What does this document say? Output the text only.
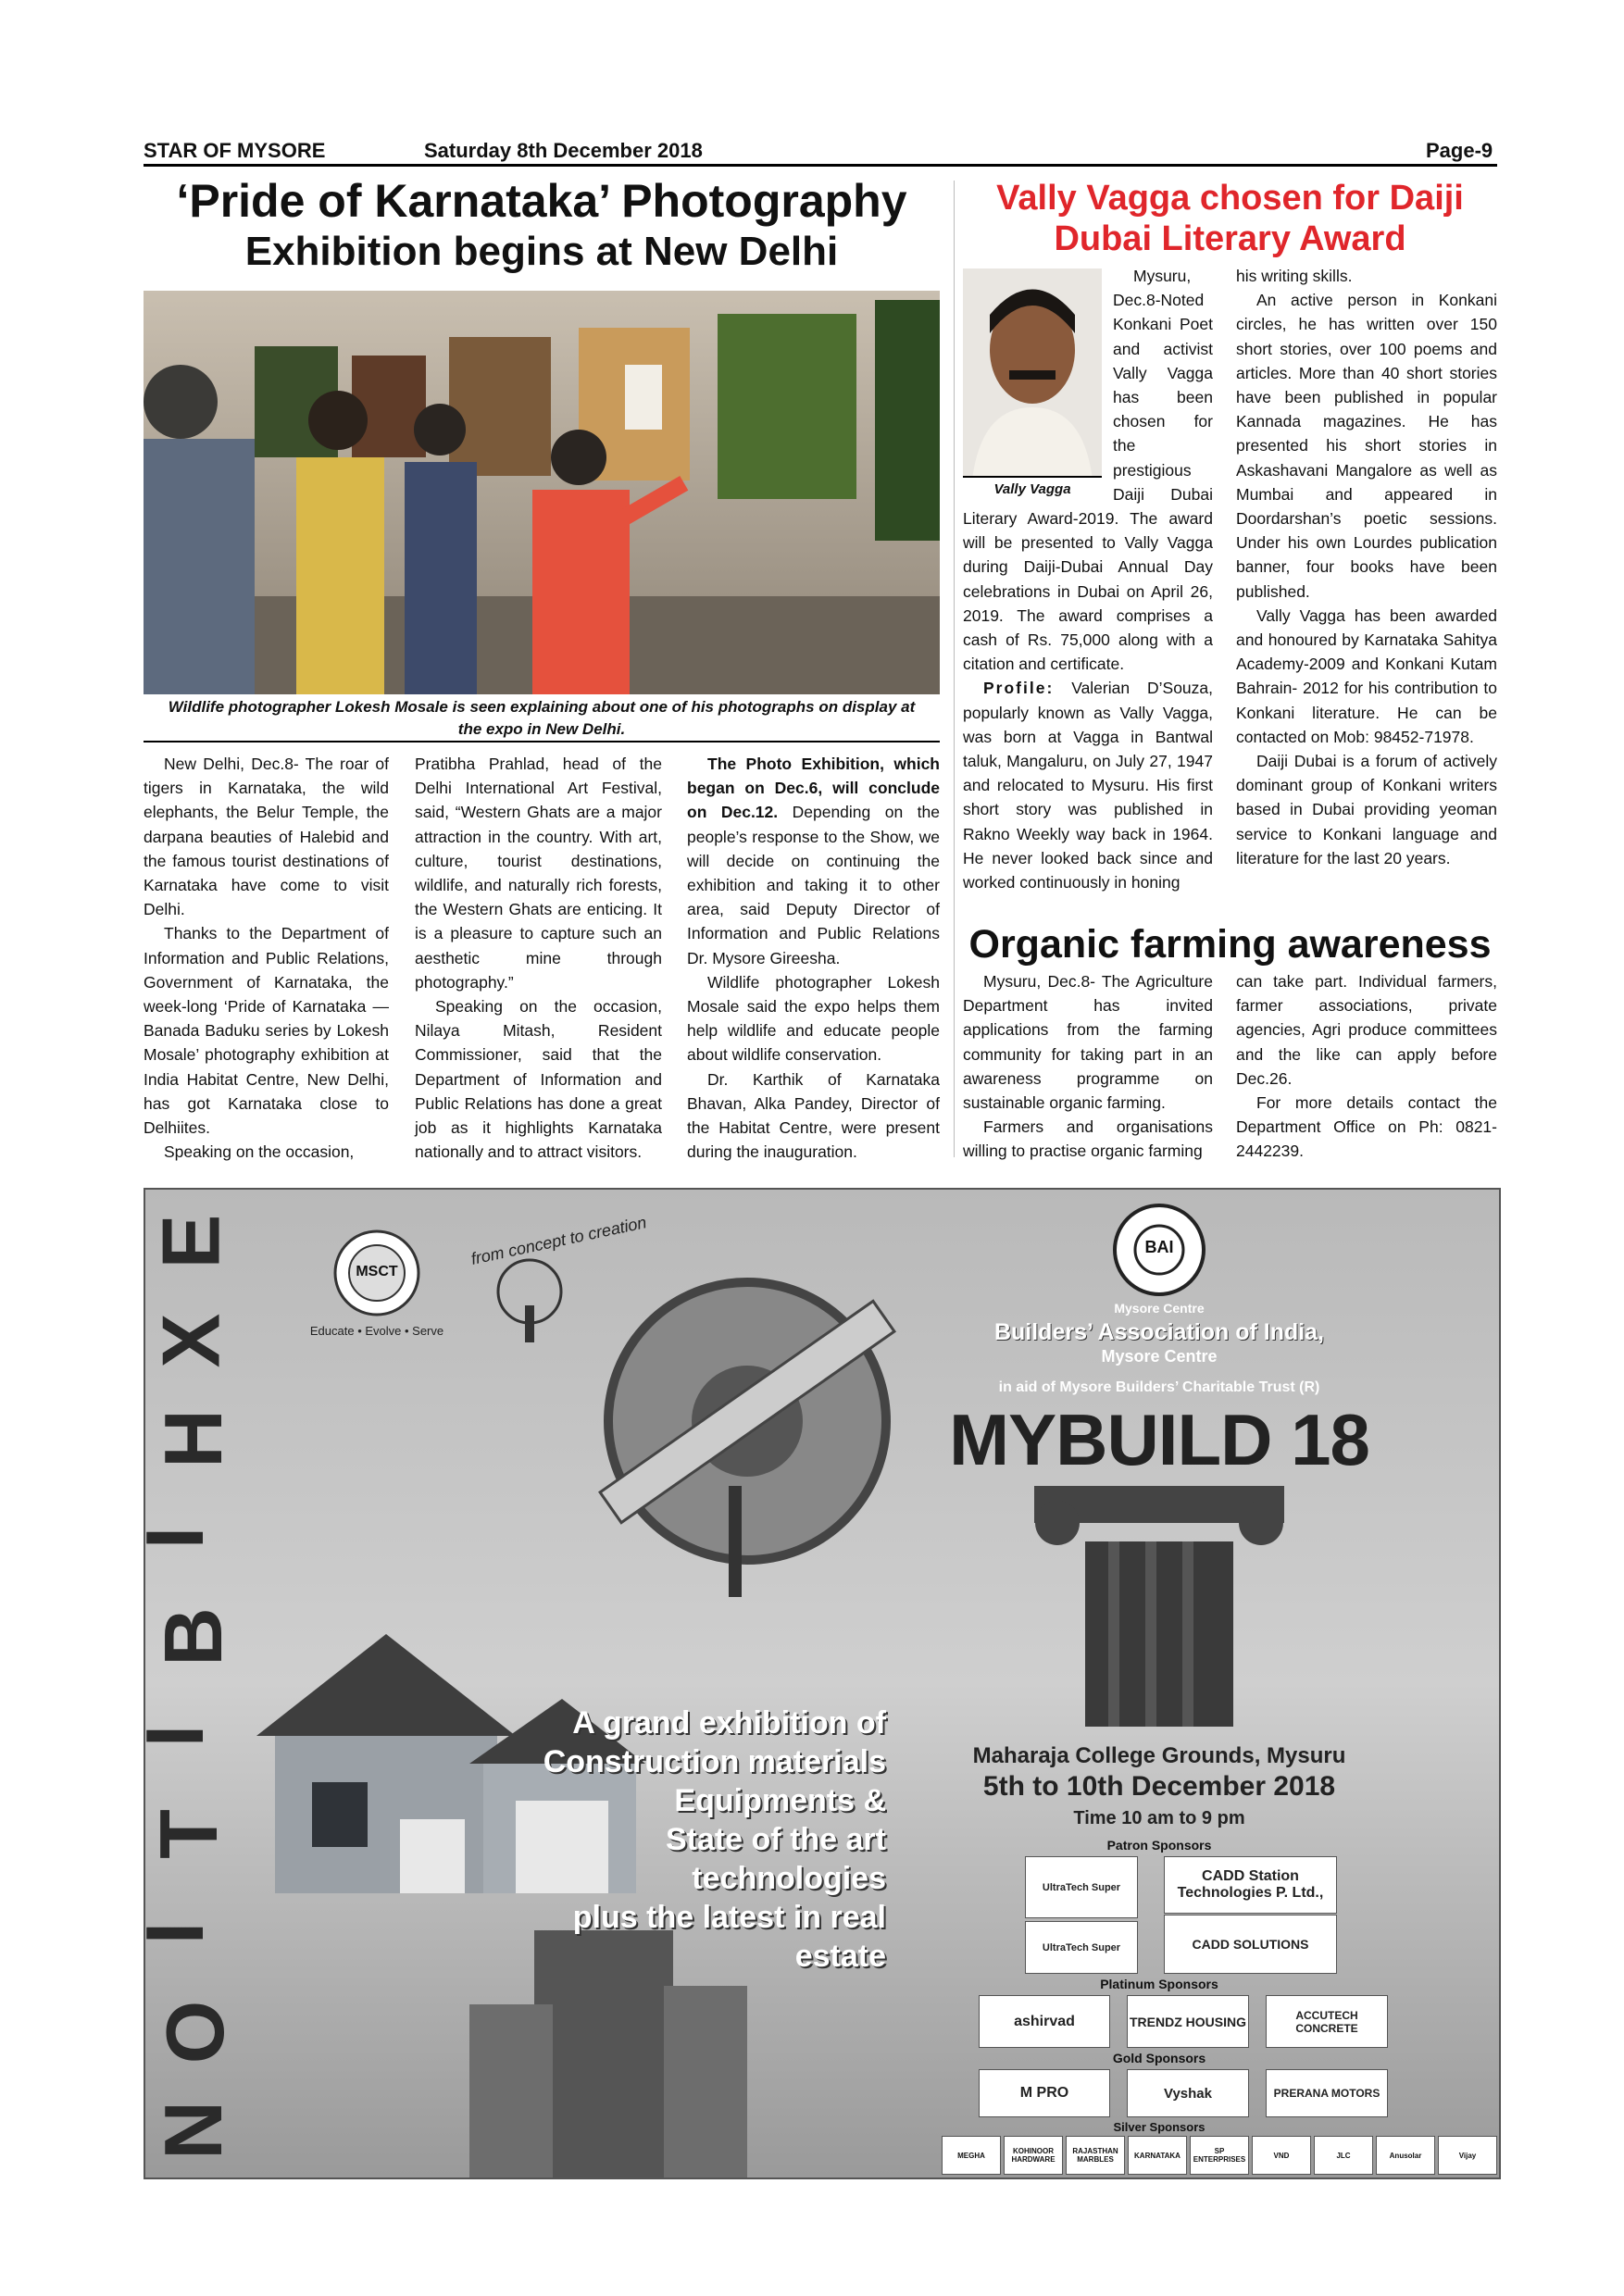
STAR OF MYSORE	Saturday 8th December 2018	Page-9
‘Pride of Karnataka’ Photography
Exhibition begins at New Delhi
Wildlife photographer Lokesh Mosale is seen explaining about one of his photographs on display at the expo in New Delhi.

New Delhi, Dec.8- The roar of tigers in Karnataka, the wild elephants, the Belur Temple, the darpana beauties of Halebid and the famous tourist destinations of Karnataka have come to visit Delhi.

Thanks to the Department of Information and Public Relations, Government of Karnataka, the week-long ‘Pride of Karnataka — Banada Baduku series by Lokesh Mosale’ photography exhibition at India Habitat Centre, New Delhi, has got Karnataka close to Delhiites.

Speaking on the occasion,

Pratibha Prahlad, head of the Delhi International Art Festival, said, “Western Ghats are a major attraction in the country. With art, culture, tourist destinations, wildlife, and naturally rich forests, the Western Ghats are enticing. It is a pleasure to capture such an aesthetic mine through photography.”

Speaking on the occasion, Nilaya Mitash, Resident Commissioner, said that the Department of Information and Public Relations has done a great job as it highlights Karnataka nationally and to attract visitors.

The Photo Exhibition, which began on Dec.6, will conclude on Dec.12. Depending on the people’s response to the Show, we will decide on continuing the exhibition and taking it to other area, said Deputy Director of Information and Public Relations Dr. Mysore Gireesha.

Wildlife photographer Lokesh Mosale said the expo helps them help wildlife and educate people about wildlife conservation.

Dr. Karthik of Karnataka Bhavan, Alka Pandey, Director of the Habitat Centre, were present during the inauguration.

Vally Vagga chosen for Daiji
Dubai Literary Award
Vally Vagga

Mysuru, Dec.8-Noted Konkani Poet and activist Vally Vagga has been chosen for the prestigious Daiji Dubai Literary Award-2019. The award will be presented to Vally Vagga during Daiji-Dubai Annual Day celebrations in Dubai on April 26, 2019. The award comprises a cash of Rs. 75,000 along with a citation and certificate.

Profile: Valerian D’Souza, popularly known as Vally Vagga, was born at Vagga in Bantwal taluk, Mangaluru, on July 27, 1947 and relocated to Mysuru. His first short story was published in Rakno Weekly way back in 1964. He never looked back since and worked continuously in honing

his writing skills.

An active person in Konkani circles, he has written over 150 short stories, over 100 poems and articles. More than 40 short stories have been published in popular Kannada magazines. He has presented his short stories in Askashavani Mangalore as well as Mumbai and appeared in Doordarshan’s poetic sessions. Under his own Lourdes publication banner, four books have been published.

Vally Vagga has been awarded and honoured by Karnataka Sahitya Academy-2009 and Konkani Kutam Bahrain- 2012 for his contribution to Konkani literature. He can be contacted on Mob: 98452-71978.

Daiji Dubai is a forum of actively dominant group of Konkani writers based in Dubai providing yeoman service to Konkani language and literature for the last 20 years.

Organic farming awareness

Mysuru, Dec.8- The Agriculture Department has invited applications from the farming community for taking part in an awareness programme on sustainable organic farming.

Farmers and organisations willing to practise organic farming

can take part. Individual farmers, farmer associations, private agencies, Agri produce committees and the like can apply before Dec.26.

For more details contact the Department Office on Ph: 0821-2442239.

E
X
H
I
B
I
T
I
O
N
MSCT
Educate • Evolve • Serve
from concept to creation
A grand exhibition of
Construction materials
Equipments &
State of the art technologies
plus the latest in real estate
BAI
Mysore Centre
Builders’ Association of India,
Mysore Centre
in aid of Mysore Builders’ Charitable Trust (R)
MYBUILD 18
Maharaja College Grounds, Mysuru
5th to 10th December 2018
Time 10 am to 9 pm
Patron Sponsors
UltraTech Super
UltraTech Super
CADD Station Technologies P. Ltd.,
CADD SOLUTIONS
Platinum Sponsors
ashirvad	TRENDZ HOUSING	ACCUTECH CONCRETE
Gold Sponsors
M PRO	Vyshak	PRERANA MOTORS
Silver Sponsors
MEGHA	KOHINOOR HARDWARE
RAJASTHAN MARBLES	KARNATAKA	SP ENTERPRISES	VND	JLC	Anusolar	Vijay
